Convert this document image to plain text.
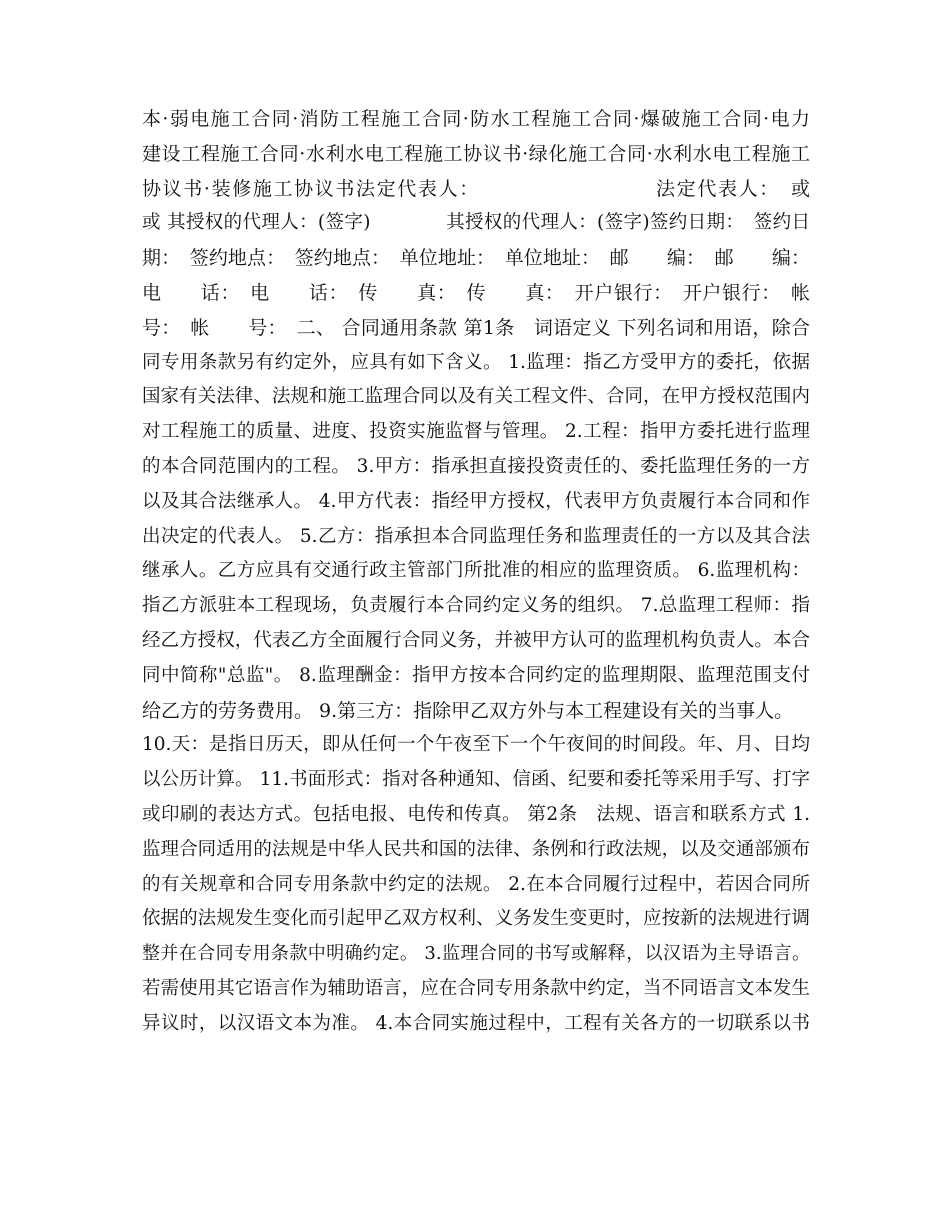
本·弱电施工合同·消防工程施工合同·防水工程施工合同·爆破施工合同·电力
建设工程施工合同·水利水电工程施工协议书·绿化施工合同·水利水电工程施工
协议书·装修施工协议书法定代表人：　　　　　　　　　法定代表人：　或
或 其授权的代理人：(签字)　　　　其授权的代理人：(签字)签约日期：　签约日
期：　签约地点：　签约地点：　单位地址：　单位地址：　邮　　编：　邮　　编：
电　　话：　电　　话：　传　　真：　传　　真：　开户银行：　开户银行：　帐
号：　帐　　号：　二、 合同通用条款 第1条　词语定义 下列名词和用语，除合
同专用条款另有约定外，应具有如下含义。 1.监理：指乙方受甲方的委托，依据
国家有关法律、法规和施工监理合同以及有关工程文件、合同，在甲方授权范围内
对工程施工的质量、进度、投资实施监督与管理。 2.工程：指甲方委托进行监理
的本合同范围内的工程。 3.甲方：指承担直接投资责任的、委托监理任务的一方
以及其合法继承人。 4.甲方代表：指经甲方授权，代表甲方负责履行本合同和作
出决定的代表人。 5.乙方：指承担本合同监理任务和监理责任的一方以及其合法
继承人。乙方应具有交通行政主管部门所批准的相应的监理资质。 6.监理机构：
指乙方派驻本工程现场，负责履行本合同约定义务的组织。 7.总监理工程师：指
经乙方授权，代表乙方全面履行合同义务，并被甲方认可的监理机构负责人。本合
同中简称"总监"。 8.监理酬金：指甲方按本合同约定的监理期限、监理范围支付
给乙方的劳务费用。 9.第三方：指除甲乙双方外与本工程建设有关的当事人。
10.天：是指日历天，即从任何一个午夜至下一个午夜间的时间段。年、月、日均
以公历计算。 11.书面形式：指对各种通知、信函、纪要和委托等采用手写、打字
或印刷的表达方式。包括电报、电传和传真。 第2条　法规、语言和联系方式 1.
监理合同适用的法规是中华人民共和国的法律、条例和行政法规，以及交通部颁布
的有关规章和合同专用条款中约定的法规。 2.在本合同履行过程中，若因合同所
依据的法规发生变化而引起甲乙双方权利、义务发生变更时，应按新的法规进行调
整并在合同专用条款中明确约定。 3.监理合同的书写或解释，以汉语为主导语言。
若需使用其它语言作为辅助语言，应在合同专用条款中约定，当不同语言文本发生
异议时，以汉语文本为准。 4.本合同实施过程中，工程有关各方的一切联系以书
